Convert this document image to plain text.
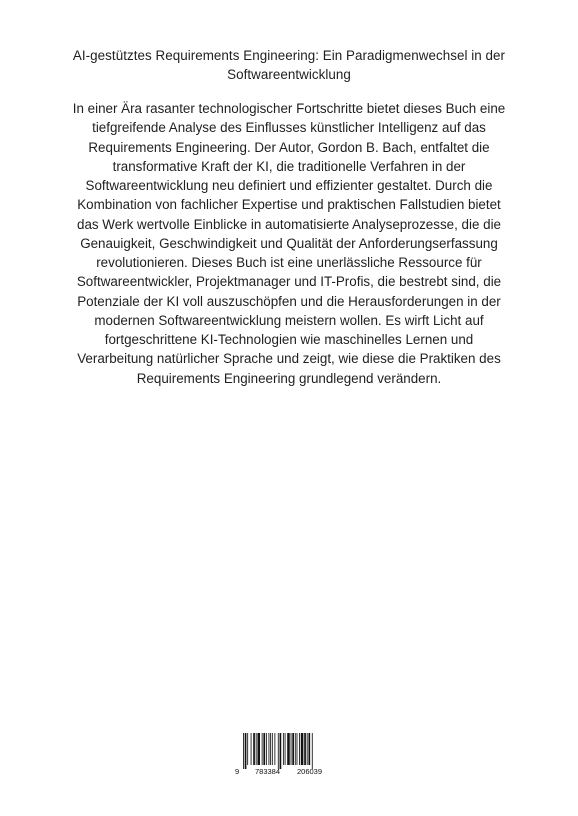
AI-gestütztes Requirements Engineering: Ein Paradigmenwechsel in der
Softwareentwicklung
In einer Ära rasanter technologischer Fortschritte bietet dieses Buch eine
tiefgreifende Analyse des Einflusses künstlicher Intelligenz auf das
Requirements Engineering. Der Autor, Gordon B. Bach, entfaltet die
transformative Kraft der KI, die traditionelle Verfahren in der
Softwareentwicklung neu definiert und effizienter gestaltet. Durch die
Kombination von fachlicher Expertise und praktischen Fallstudien bietet
das Werk wertvolle Einblicke in automatisierte Analyseprozesse, die die
Genauigkeit, Geschwindigkeit und Qualität der Anforderungserfassung
revolutionieren. Dieses Buch ist eine unerlässliche Ressource für
Softwareentwickler, Projektmanager und IT-Profis, die bestrebt sind, die
Potenziale der KI voll auszuschöpfen und die Herausforderungen in der
modernen Softwareentwicklung meistern wollen. Es wirft Licht auf
fortgeschrittene KI-Technologien wie maschinelles Lernen und
Verarbeitung natürlicher Sprache und zeigt, wie diese die Praktiken des
Requirements Engineering grundlegend verändern.
9 783384 206039
